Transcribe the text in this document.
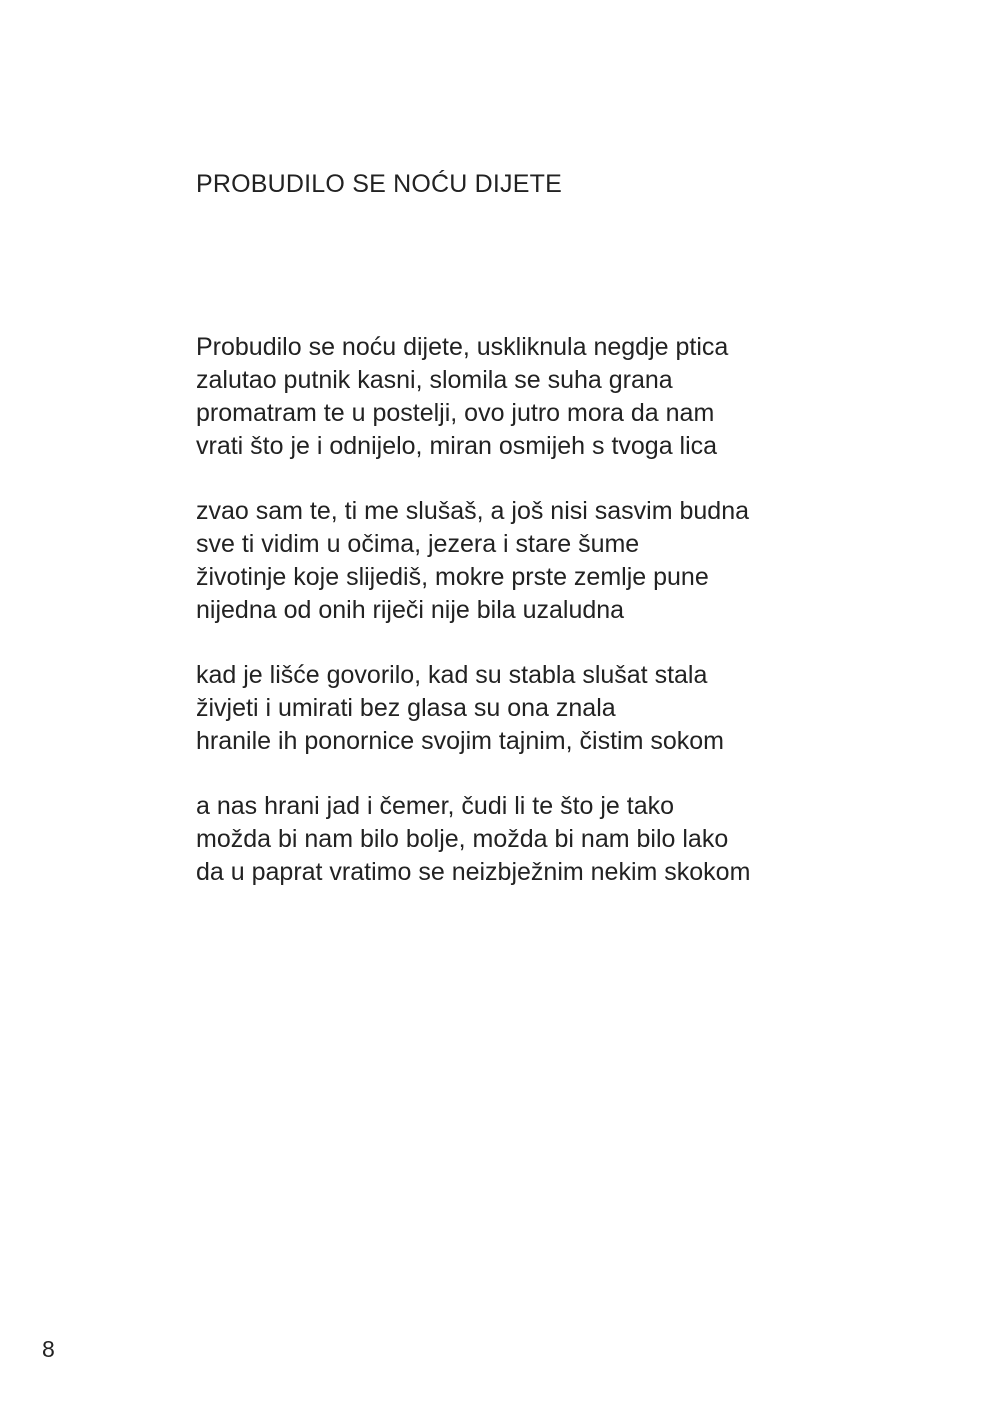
PROBUDILO SE NOĆU DIJETE
Probudilo se noću dijete, uskliknula negdje ptica
zalutao putnik kasni, slomila se suha grana
promatram te u postelji, ovo jutro mora da nam
vrati što je i odnijelo, miran osmijeh s tvoga lica
zvao sam te, ti me slušaš, a još nisi sasvim budna
sve ti vidim u očima, jezera i stare šume
životinje koje slijediš, mokre prste zemlje pune
nijedna od onih riječi nije bila uzaludna
kad je lišće govorilo, kad su stabla slušat stala
živjeti i umirati bez glasa su ona znala
hranile ih ponornice svojim tajnim, čistim sokom
a nas hrani jad i čemer, čudi li te što je tako
možda bi nam bilo bolje, možda bi nam bilo lako
da u paprat vratimo se neizbježnim nekim skokom
8
